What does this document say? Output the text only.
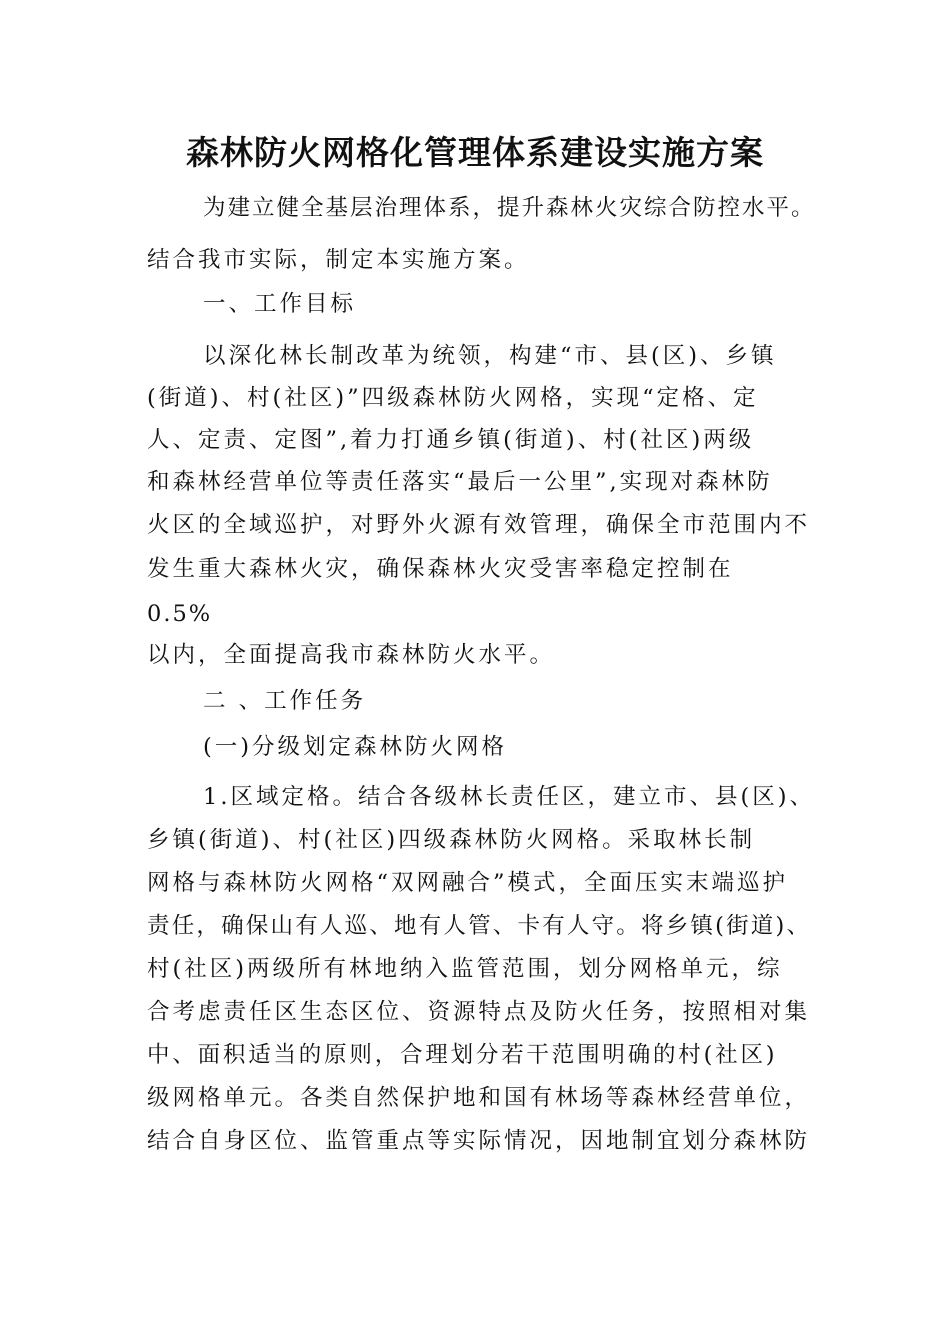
森林防火网格化管理体系建设实施方案
为建立健全基层治理体系，提升森林火灾综合防控水平。
结合我市实际，制定本实施方案。
一、工作目标
以深化林长制改革为统领，构建“市、县(区)、乡镇
(街道)、村(社区)”四级森林防火网格，实现“定格、定
人、定责、定图”,着力打通乡镇(街道)、村(社区)两级
和森林经营单位等责任落实“最后一公里”,实现对森林防
火区的全域巡护，对野外火源有效管理，确保全市范围内不
发生重大森林火灾，确保森林火灾受害率稳定控制在
0.5%
以内，全面提高我市森林防火水平。
二 、工作任务
(一)分级划定森林防火网格
1.区域定格。结合各级林长责任区，建立市、县(区)、
乡镇(街道)、村(社区)四级森林防火网格。采取林长制
网格与森林防火网格“双网融合”模式，全面压实末端巡护
责任，确保山有人巡、地有人管、卡有人守。将乡镇(街道)、
村(社区)两级所有林地纳入监管范围，划分网格单元，综
合考虑责任区生态区位、资源特点及防火任务，按照相对集
中、面积适当的原则，合理划分若干范围明确的村(社区)
级网格单元。各类自然保护地和国有林场等森林经营单位，
结合自身区位、监管重点等实际情况，因地制宜划分森林防
